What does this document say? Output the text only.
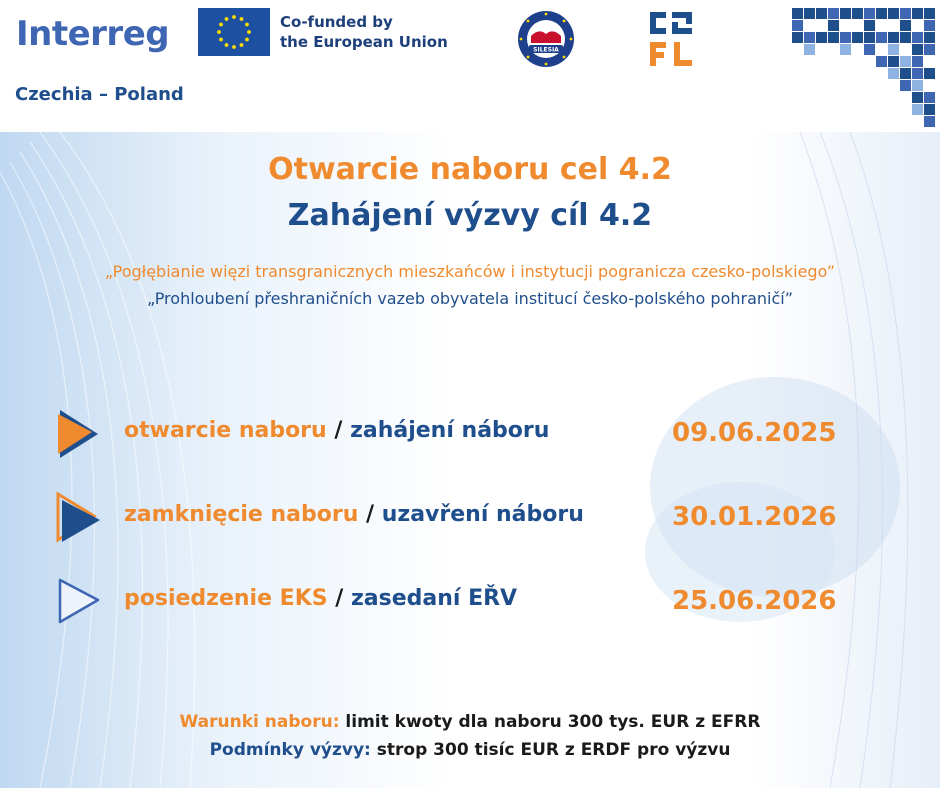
Interreg
Czechia – Poland
Co-funded by
the European Union	SILESIA
Otwarcie naboru cel 4.2
Zahájení výzvy cíl 4.2
„Pogłębianie więzi transgranicznych mieszkańców i instytucji pogranicza czesko-polskiego”
„Prohloubení přeshraničních vazeb obyvatela institucí česko-polského pohraničí”
otwarcie naboru / zahájení náboru	09.06.2025
zamknięcie naboru / uzavření náboru	30.01.2026
posiedzenie EKS / zasedaní EŘV	25.06.2026
Warunki naboru: limit kwoty dla naboru 300 tys. EUR z EFRR
Podmínky výzvy: strop 300 tisíc EUR z ERDF pro výzvu
